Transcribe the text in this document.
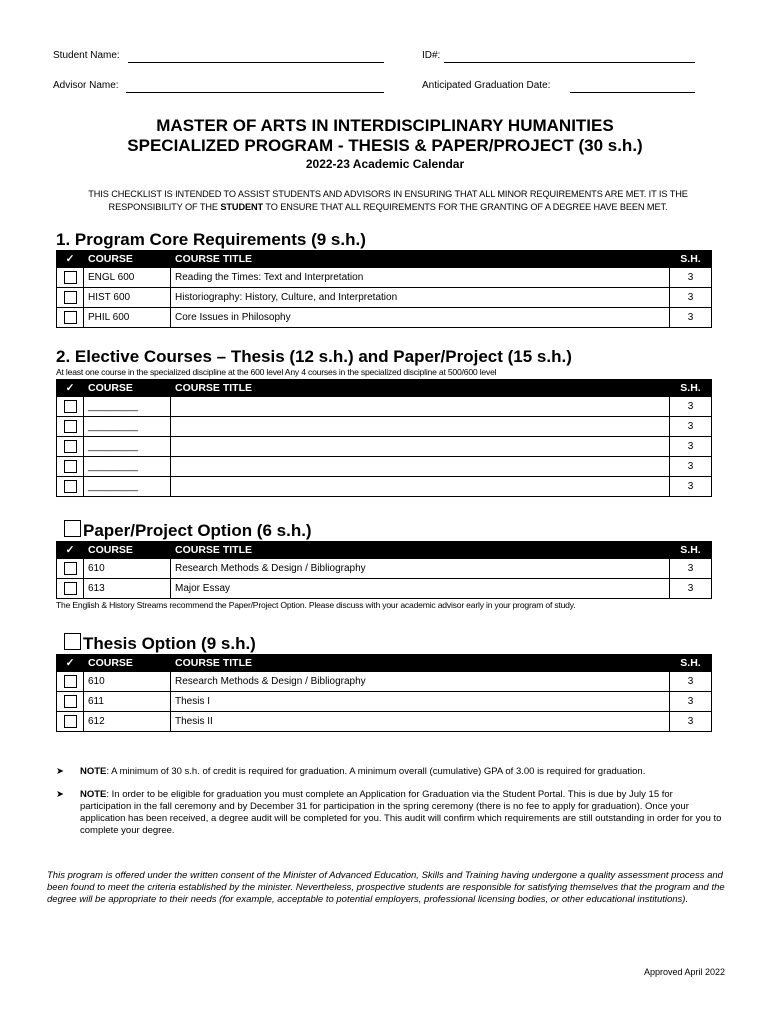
Student Name:	ID#:
Advisor Name:	Anticipated Graduation Date:
MASTER OF ARTS IN INTERDISCIPLINARY HUMANITIES
SPECIALIZED PROGRAM - THESIS & PAPER/PROJECT (30 s.h.)
2022-23 Academic Calendar
THIS CHECKLIST IS INTENDED TO ASSIST STUDENTS AND ADVISORS IN ENSURING THAT ALL MINOR REQUIREMENTS ARE MET. IT IS THE RESPONSIBILITY OF THE STUDENT TO ENSURE THAT ALL REQUIREMENTS FOR THE GRANTING OF A DEGREE HAVE BEEN MET.
1. Program Core Requirements (9 s.h.)
✓	COURSE	COURSE TITLE	S.H.
	ENGL 600	Reading the Times: Text and Interpretation	3
	HIST 600	Historiography: History, Culture, and Interpretation	3
	PHIL 600	Core Issues in Philosophy	3
2. Elective Courses – Thesis (12 s.h.) and Paper/Project (15 s.h.)
At least one course in the specialized discipline at the 600 level Any 4 courses in the specialized discipline at 500/600 level
✓	COURSE	COURSE TITLE	S.H.
	_________		3
	_________		3
	_________		3
	_________		3
	_________		3
Paper/Project Option (6 s.h.)
✓	COURSE	COURSE TITLE	S.H.
	610	Research Methods & Design / Bibliography	3
	613	Major Essay	3
The English & History Streams recommend the Paper/Project Option. Please discuss with your academic advisor early in your program of study.
Thesis Option (9 s.h.)
✓	COURSE	COURSE TITLE	S.H.
	610	Research Methods & Design / Bibliography	3
	611	Thesis I	3
	612	Thesis II	3
➤ NOTE: A minimum of 30 s.h. of credit is required for graduation. A minimum overall (cumulative) GPA of 3.00 is required for graduation.
➤ NOTE: In order to be eligible for graduation you must complete an Application for Graduation via the Student Portal. This is due by July 15 for participation in the fall ceremony and by December 31 for participation in the spring ceremony (there is no fee to apply for graduation). Once your application has been received, a degree audit will be completed for you. This audit will confirm which requirements are still outstanding in order for you to complete your degree.
This program is offered under the written consent of the Minister of Advanced Education, Skills and Training having undergone a quality assessment process and been found to meet the criteria established by the minister. Nevertheless, prospective students are responsible for satisfying themselves that the program and the degree will be appropriate to their needs (for example, acceptable to potential employers, professional licensing bodies, or other educational institutions).
Approved April 2022
